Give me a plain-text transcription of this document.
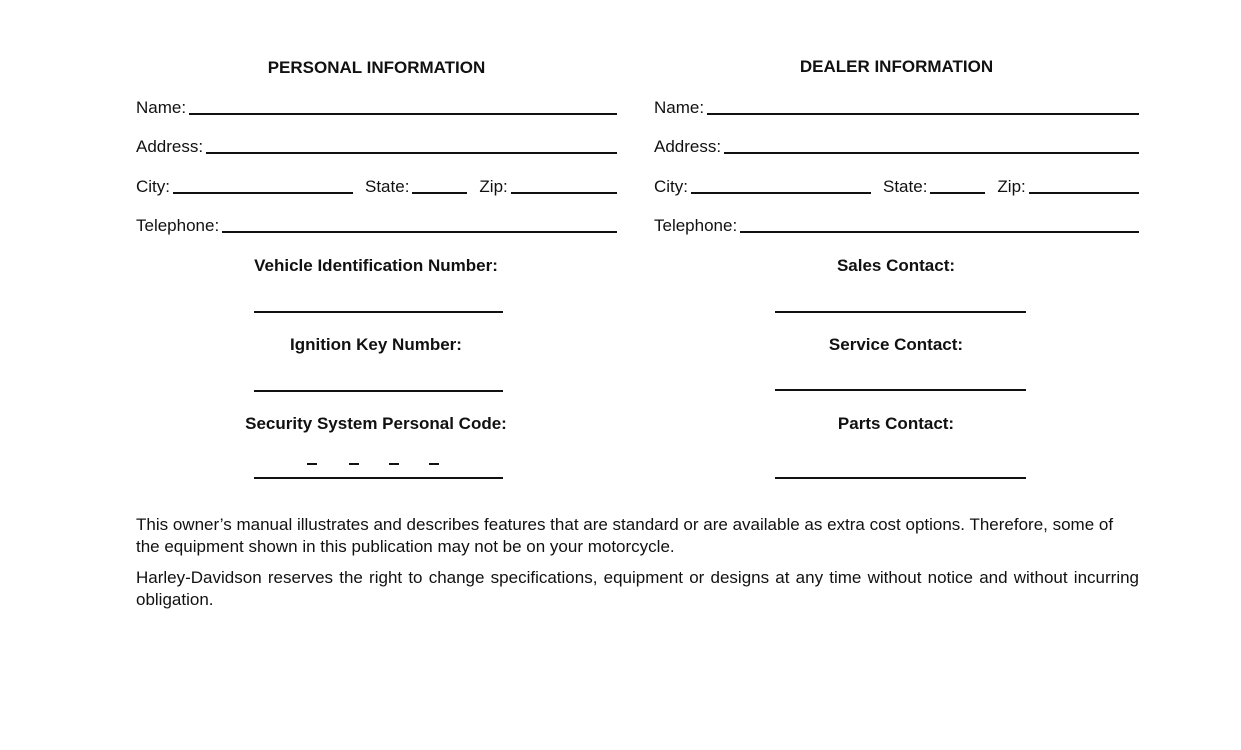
PERSONAL INFORMATION	DEALER INFORMATION
Name:
Address:
City:	State:	Zip:
Telephone:
Name:
Address:
City:	State:	Zip:
Telephone:
Vehicle Identification Number:
Ignition Key Number:
Security System Personal Code:
Sales Contact:
Service Contact:
Parts Contact:
This owner’s manual illustrates and describes features that are standard or are available as extra cost options. Therefore, some of the equipment shown in this publication may not be on your motorcycle.
Harley-Davidson reserves the right to change specifications, equipment or designs at any time without notice and without incurring obligation.
